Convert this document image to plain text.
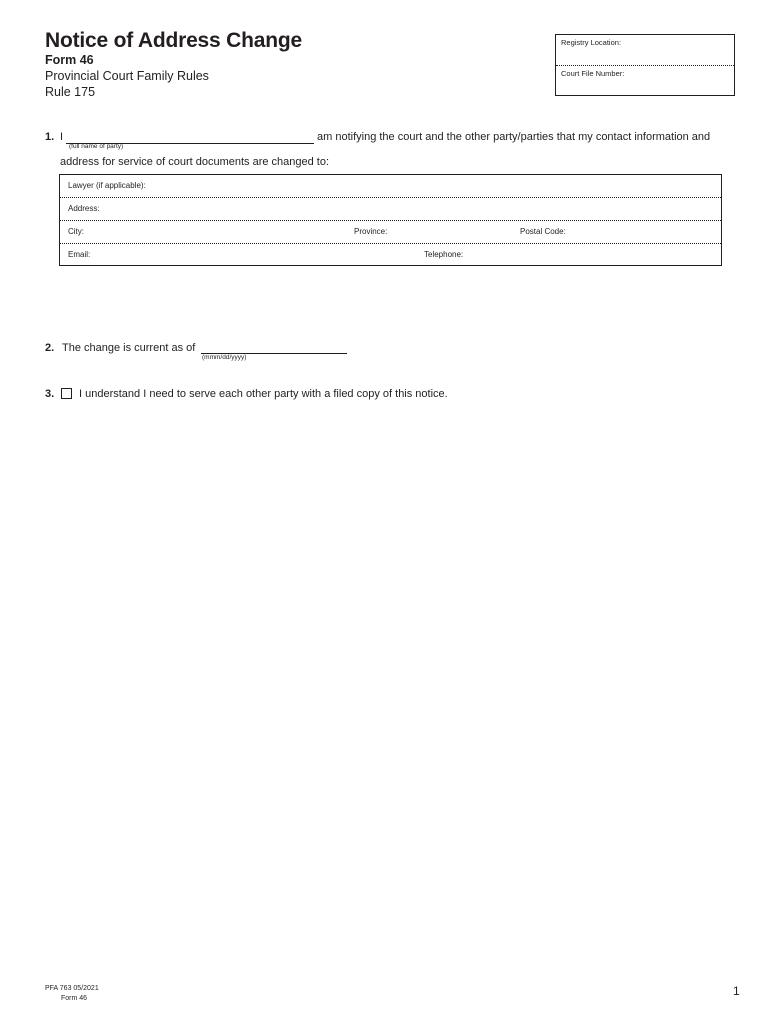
Notice of Address Change
Form 46
Provincial Court Family Rules
Rule 175
Registry Location:
Court File Number:
1. I
(full name of party)
am notifying the court and the other party/parties that my contact information and
address for service of court documents are changed to:
Lawyer (if applicable):
Address:
City:	Province:	Postal Code:
Email:	Telephone:
2. The change is current as of
(mmm/dd/yyyy)
3. I understand I need to serve each other party with a filed copy of this notice.
PFA 763 05/2021
Form 46
1
